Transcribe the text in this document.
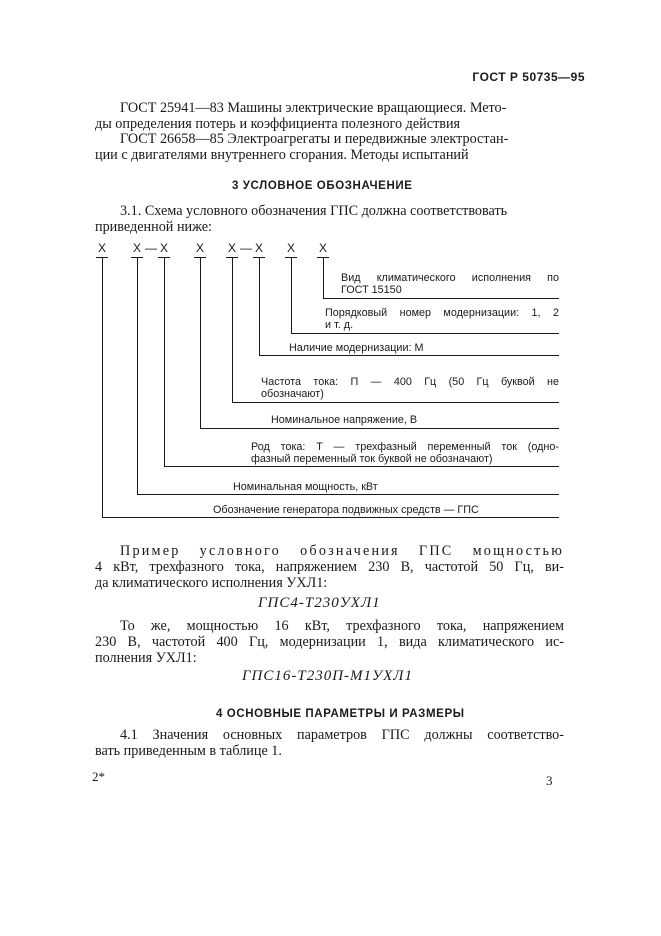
ГОСТ Р 50735—95
ГОСТ 25941—83 Машины электрические вращающиеся. Мето-
ды определения потерь и коэффициента полезного действия
ГОСТ 26658—85 Электроагрегаты и передвижные электростан-
ции с двигателями внутреннего сгорания. Методы испытаний
3 УСЛОВНОЕ ОБОЗНАЧЕНИЕ
3.1. Схема условного обозначения ГПС должна соответствовать
приведенной ниже:
Х Х — Х Х Х — Х Х Х
Вид климатического исполнения по
ГОСТ 15150
Порядковый номер модернизации: 1, 2
и т. д.
Наличие модернизации: М
Частота тока: П — 400 Гц (50 Гц буквой не
обозначают)
Номинальное напряжение, В
Род тока: Т — трехфазный переменный ток (одно-
фазный переменный ток буквой не обозначают)
Номинальная мощность, кВт
Обозначение генератора подвижных средств — ГПС
Пример условного обозначения ГПС мощностью
4 кВт, трехфазного тока, напряжением 230 В, частотой 50 Гц, ви-
да климатического исполнения УХЛ1:
ГПС4-Т230УХЛ1
То же, мощностью 16 кВт, трехфазного тока, напряжением
230 В, частотой 400 Гц, модернизации 1, вида климатического ис-
полнения УХЛ1:
ГПС16-Т230П-М1УХЛ1
4 ОСНОВНЫЕ ПАРАМЕТРЫ И РАЗМЕРЫ
4.1 Значения основных параметров ГПС должны соответство-
вать приведенным в таблице 1.
2*	3
